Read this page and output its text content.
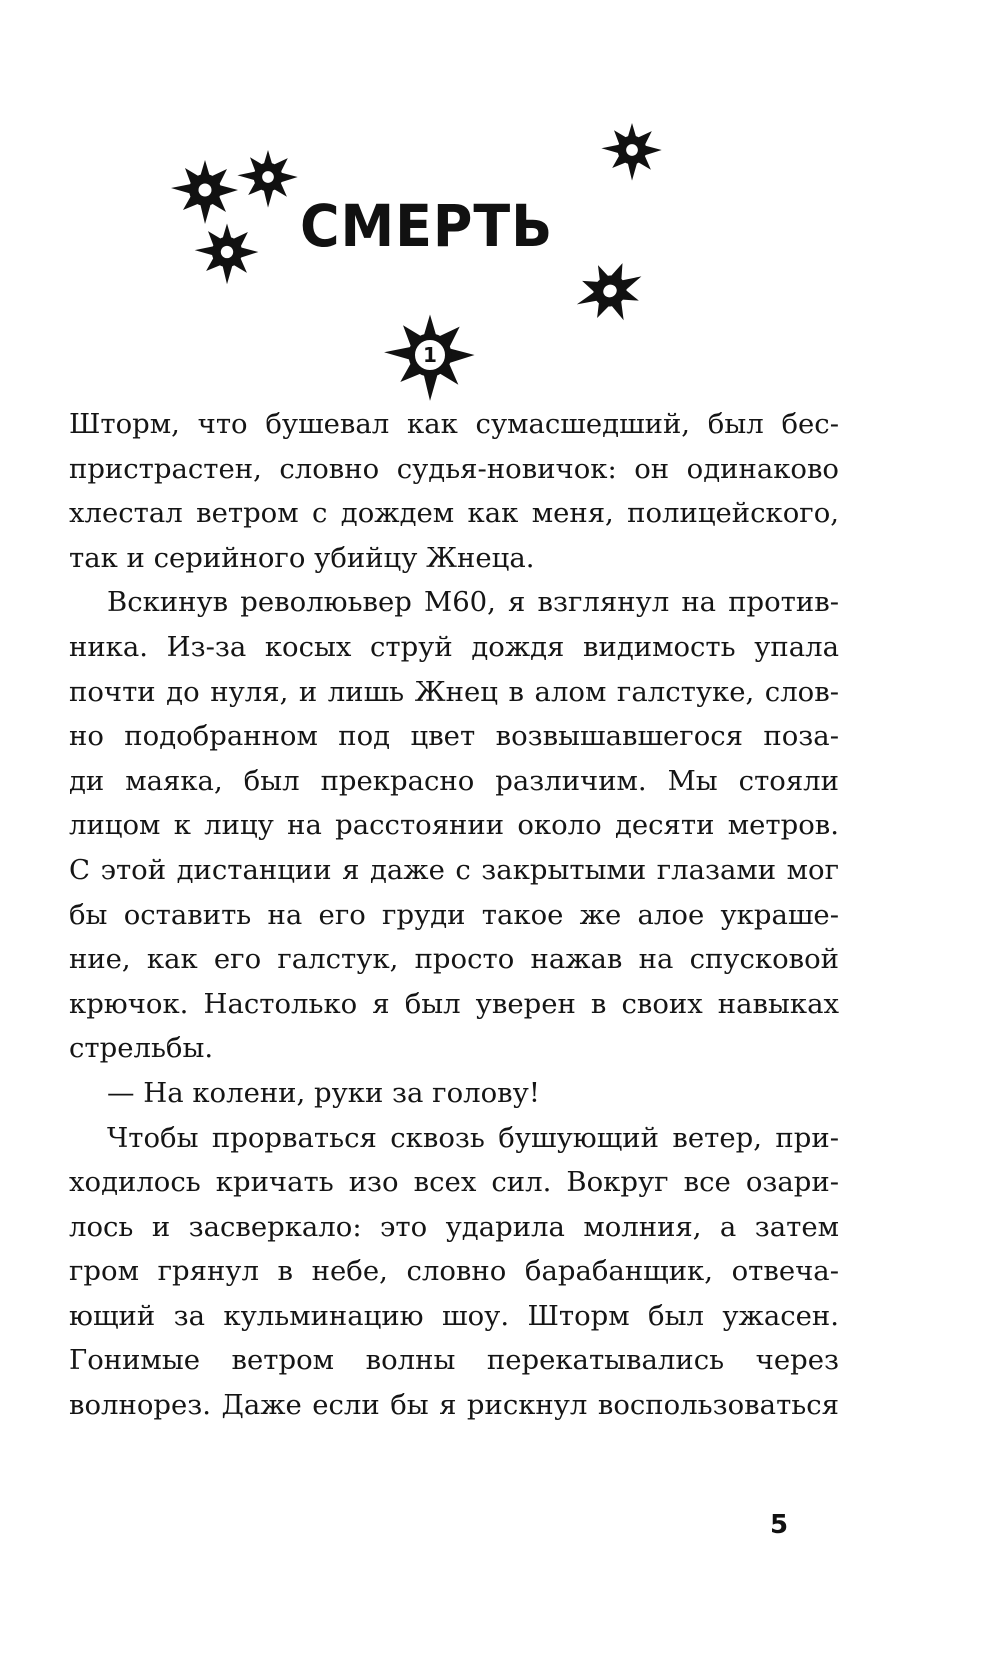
СМЕРТЬ
1
Шторм, что бушевал как сумасшедший, был бес-
пристрастен, словно судья-новичок: он одинаково
хлестал ветром с дождем как меня, полицейского,
так и серийного убийцу Жнеца.
Вскинув революьвер М60, я взглянул на против-
ника. Из-за косых струй дождя видимость упала
почти до нуля, и лишь Жнец в алом галстуке, слов-
но подобранном под цвет возвышавшегося поза-
ди маяка, был прекрасно различим. Мы стояли
лицом к лицу на расстоянии около десяти метров.
С этой дистанции я даже с закрытыми глазами мог
бы оставить на его груди такое же алое украше-
ние, как его галстук, просто нажав на спусковой
крючок. Настолько я был уверен в своих навыках
стрельбы.
— На колени, руки за голову!
Чтобы прорваться сквозь бушующий ветер, при-
ходилось кричать изо всех сил. Вокруг все озари-
лось и засверкало: это ударила молния, а затем
гром грянул в небе, словно барабанщик, отвеча-
ющий за кульминацию шоу. Шторм был ужасен.
Гонимые ветром волны перекатывались через
волнорез. Даже если бы я рискнул воспользоваться
5
